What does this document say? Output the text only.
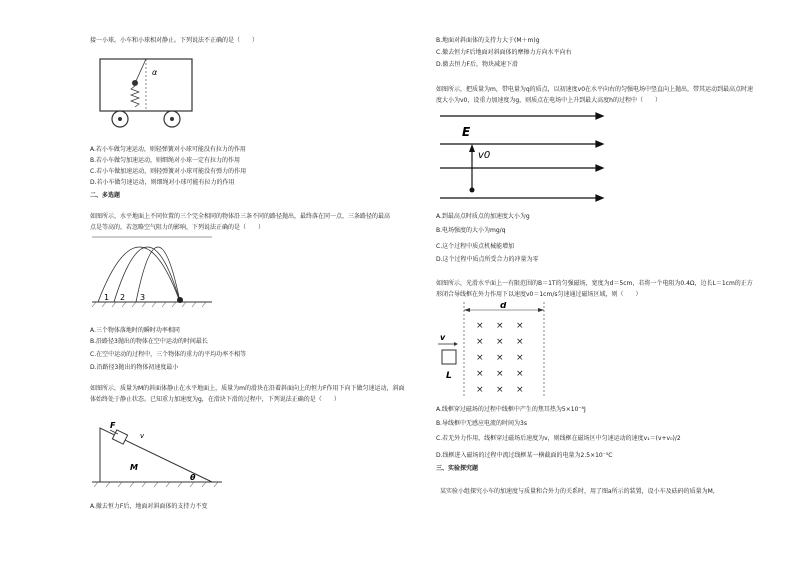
接一小球。小车和小球相对静止。下列说法不正确的是（　　）
α
A.若小车做匀速运动，则轻弹簧对小球可能没有拉力的作用
B.若小车做匀加速运动，则细绳对小球一定有拉力的作用
C.若小车做加速运动，则轻弹簧对小球可能没有弹力的作用
D.若小车做匀速运动，则细绳对小球可能有拉力的作用
二、多选题
如图所示，水平地面上不同位置的三个完全相同的物体沿三条不同的路径抛出，最终落在同一点，三条路径的最高点是等高的，若忽略空气阻力的影响，下列说法正确的是（　　）
1 2 3
A.三个物体落地时的瞬时功率相同
B.沿路径3抛出的物体在空中运动的时间最长
C.在空中运动的过程中，三个物体的重力的平均功率不相等
D.沿路径3抛出的物体初速度最小
如图所示，质量为M的斜面体静止在水平地面上，质量为m的滑块在沿着斜面向上的恒力F作用下向下做匀速运动，斜面体始终处于静止状态。已知重力加速度为g，在滑块下滑的过程中，下列说法正确的是（　　）
F
v
M
θ
A.撤去恒力F后，地面对斜面体的支持力不变
B.地面对斜面体的支持力大于(M＋m)g
C.撤去恒力F后地面对斜面体的摩擦力方向水平向右
D.撤去恒力F后，物块减速下滑
如图所示，把质量为m，带电量为q的质点，以初速度v0在水平向右的匀强电场中竖直向上抛出，带其运动到最高点时速度大小为v0，设重力加速度为g，则质点在电场中上升到最大高度h的过程中（　　）
E
v0
A.到最高点时质点的加速度大小为g
B.电场强度的大小为mg/q
C.这个过程中质点机械能增加
D.这个过程中质点所受合力的冲量为零
如图所示，光滑水平面上一有限范围的B＝1T的匀强磁场，宽度为d＝5cm，若将一个电阻为0.4Ω，边长L＝1cm的正方形闭合导线框在外力作用下以速度v0＝1cm/s匀速通过磁场区域，则（　　）
d
× × ×
× × ×
× × ×
× × ×
× × ×
v
L
A.线框穿过磁场的过程中线框中产生的焦耳热为5×10⁻⁸J
B.导线框中无感应电流的时间为3s
C.若无外力作用，线框穿过磁场后速度为v，则线框在磁场区中匀速运动的速度v₁＝(v+v₀)/2
D.线框进入磁场的过程中流过线框某一横截面的电量为2.5×10⁻⁵C
三、实验探究题
某实验小组探究小车的加速度与质量和合外力的关系时，用了图a所示的装置，设小车及砝码的质量为M,
